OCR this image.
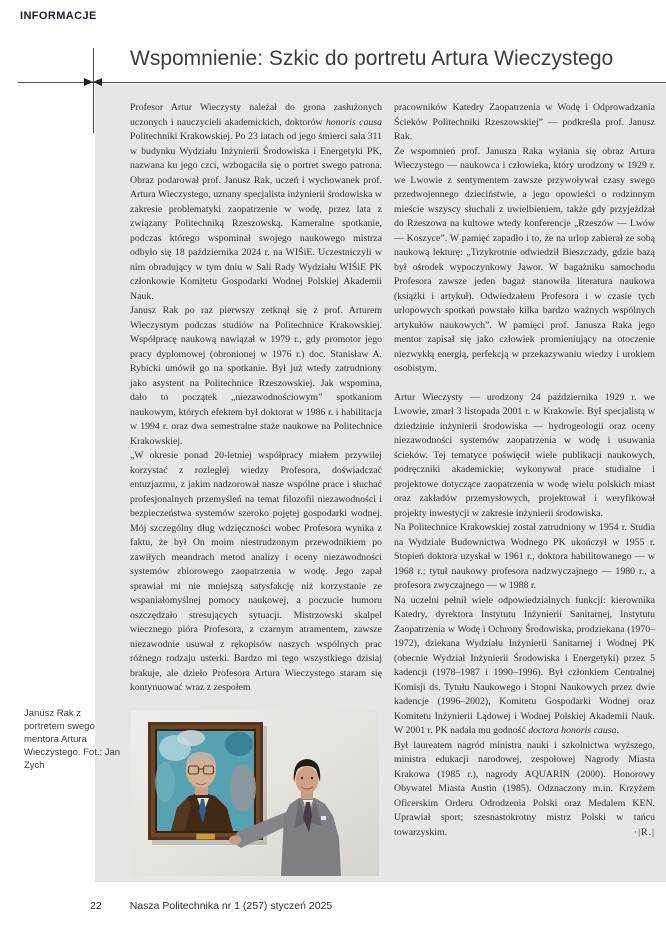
INFORMACJE
Wspomnienie: Szkic do portretu Artura Wieczystego

Profesor Artur Wieczysty należał do grona zasłużonych uczonych i nauczycieli akademickich, doktorów honoris causa Politechniki Krakowskiej. Po 23 latach od jego śmierci sala 311 w budynku Wydziału Inżynierii Środowiska i Energetyki PK, nazwana ku jego czci, wzbogaciła się o portret swego patrona. Obraz podarował prof. Janusz Rak, uczeń i wychowanek prof. Artura Wieczystego, uznany specjalista inżynierii środowiska w zakresie problematyki zaopatrzenie w wodę, przez lata z związany Politechniką Rzeszowską. Kameralne spotkanie, podczas którego wspominał swojego naukowego mistrza odbyło się 18 października 2024 r. na WIŚiE. Uczestniczyli w nim obradujący w tym dniu w Sali Rady Wydziału WIŚiE PK członkowie Komitetu Gospodarki Wodnej Polskiej Akademii Nauk.

Janusz Rak po raz pierwszy zetknął się z prof. Arturem Wieczystym podczas studiów na Politechnice Krakowskiej. Współpracę naukową nawiązał w 1979 r., gdy promotor jego pracy dyplomowej (obronionej w 1976 r.) doc. Stanisław A. Rybicki umówił go na spotkanie. Był już wtedy zatrudniony jako asystent na Politechnice Rzeszowskiej. Jak wspomina, dało to początek „niezawodnościowym” spotkaniom naukowym, których efektem był doktorat w 1986 r. i habilitacja w 1994 r. oraz dwa semestralne staże naukowe na Politechnice Krakowskiej.

„W okresie ponad 20-letniej współpracy miałem przywilej korzystać z rozległej wiedzy Profesora, doświadczać entuzjazmu, z jakim nadzorował nasze wspólne prace i słuchać profesjonalnych przemyśleń na temat filozofii niezawodności i bezpieczeństwa systemów szeroko pojętej gospodarki wodnej. Mój szczególny dług wdzięczności wobec Profesora wynika z faktu, że był On moim niestrudzonym przewodnikiem po zawiłych meandrach metod analizy i oceny niezawodności systemów zbiorowego zaopatrzenia w wodę. Jego zapał sprawiał mi nie mniejszą satysfakcję niż korzystanie ze wspaniałomyślnej pomocy naukowej, a poczucie humoru oszczędzało stresujących sytuacji. Mistrzowski skalpel wiecznego pióra Profesora, z czarnym atramentem, zawsze niezawodnie usuwał z rękopisów naszych wspólnych prac różnego rodzaju usterki. Bardzo mi tego wszystkiego dzisiaj brakuje, ale dzieło Profesora Artura Wieczystego staram się kontynuować wraz z zespołem

pracowników Katedry Zaopatrzenia w Wodę i Odprowadzania Ścieków Politechniki Rzeszowskiej” — podkreśla prof. Janusz Rak.

Ze wspomnień prof. Janusza Raka wyłania się obraz Artura Wieczystego — naukowca i człowieka, który urodzony w 1929 r. we Lwowie z sentymentem zawsze przywoływał czasy swego przedwojennego dzieciństwie, a jego opowieści o rodzinnym mieście wszyscy słuchali z uwielbieniem, także gdy przyjeżdżał do Rzeszowa na kultowe wtedy konferencje „Rzeszów — Lwów — Koszyce”. W pamięć zapadło i to, że na urlop zabierał ze sobą naukową lekturę: „Trzykrotnie odwiedził Bieszczady, gdzie bazą był ośrodek wypoczynkowy Jawor. W bagażniku samochodu Profesora zawsze jeden bagaż stanowiła literatura naukowa (książki i artykuł). Odwiedzałem Profesora i w czasie tych urlopowych spotkań powstało kilka bardzo ważnych wspólnych artykułów naukowych”. W pamięci prof. Janusza Raka jego mentor zapisał się jako człowiek promieniujący na otoczenie niezwykłą energią, perfekcją w przekazywaniu wiedzy i urokiem osobistym.

Artur Wieczysty — urodzony 24 października 1929 r. we Lwowie, zmarł 3 listopada 2001 r. w Krakowie. Był specjalistą w dziedzinie inżynierii środowiska — hydrogeologii oraz oceny niezawodności systemów zaopatrzenia w wodę i usuwania ścieków. Tej tematyce poświęcił wiele publikacji naukowych, podręczniki akademickie; wykonywał prace studialne i projektowe dotyczące zaopatrzenia w wodę wielu polskich miast oraz zakładów przemysłowych, projektował i weryfikował projekty inwestycji w zakresie inżynierii środowiska.

Na Politechnice Krakowskiej został zatrudniony w 1954 r. Studia na Wydziale Budownictwa Wodnego PK ukończył w 1955 r. Stopień doktora uzyskał w 1961 r., doktora habilitowanego — w 1968 r.; tytuł naukowy profesora nadzwyczajnego — 1980 r., a profesora zwyczajnego — w 1988 r.

Na uczelni pełnił wiele odpowiedzialnych funkcji: kierownika Katedry, dyrektora Instytutu Inżynierii Sanitarnej, Instytutu Zaopatrzenia w Wodę i Ochrony Środowiska, prodziekana (1970–1972), dziekana Wydziału Inżynierii Sanitarnej i Wodnej PK (obecnie Wydział Inżynierii Środowiska i Energetyki) przez 5 kadencji (1978–1987 i 1990–1996). Był członkiem Centralnej Komisji ds. Tytułu Naukowego i Stopni Naukowych przez dwie kadencje (1996–2002), Komitetu Gospodarki Wodnej oraz Komitetu Inżynierii Lądowej i Wodnej Polskiej Akademii Nauk. W 2001 r. PK nadała mu godność doctora honoris causa.

Był laureatem nagród ministra nauki i szkolnictwa wyższego, ministra edukacji narodowej, zespołowej Nagrody Miasta Krakowa (1985 r.), nagrody AQUARIN (2000). Honorowy Obywatel Miasta Austin (1985). Odznaczony m.in. Krzyżem Oficerskim Orderu Odrodzenia Polski oraz Medalem KEN. Uprawiał sport; szesnastokrotny mistrz Polski w tańcu towarzyskim.	·|R.|

Janusz Rak z portretem swego mentora Artura Wieczystego. Fot.: Jan Zych
22	Nasza Politechnika nr 1 (257) styczeń 2025
